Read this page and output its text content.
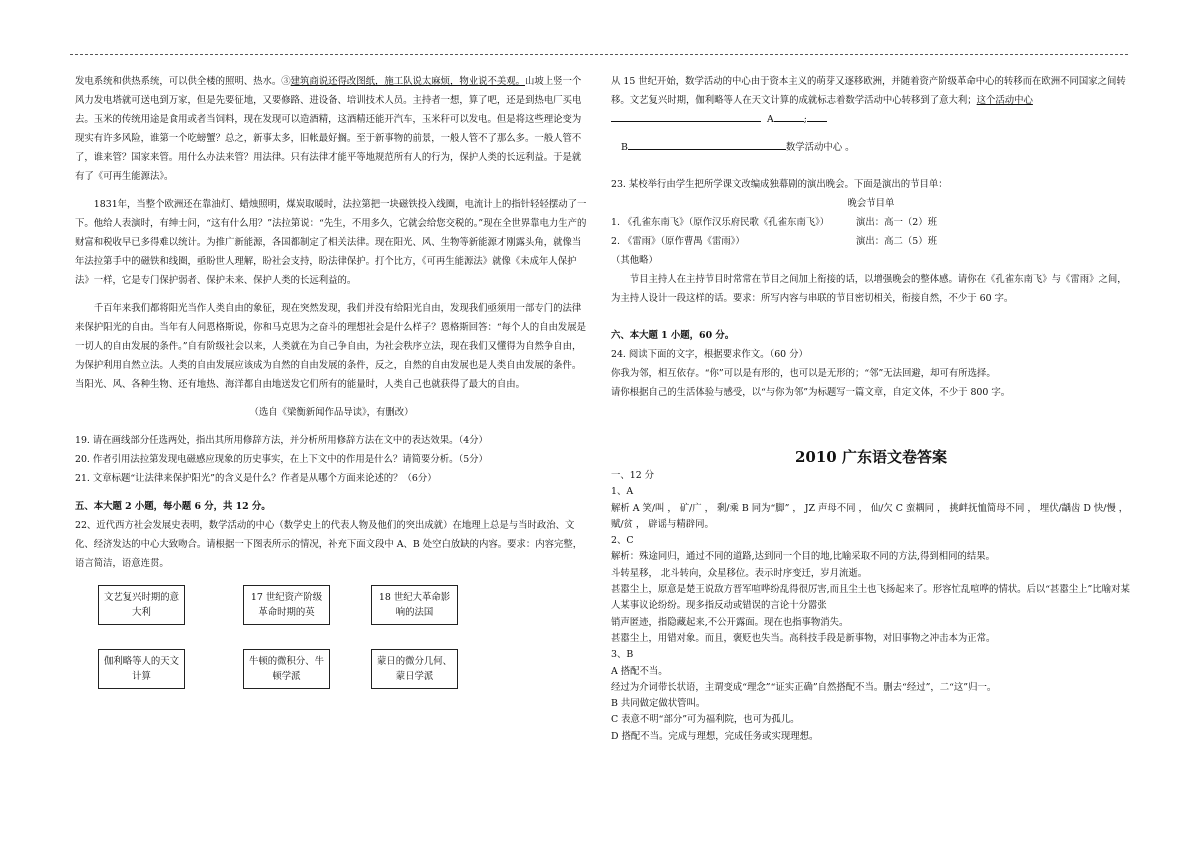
发电系统和供热系统，可以供全楼的照明、热水。③建筑商说还得改图纸，施工队说太麻烦，物业说不美观。山坡上竖一个风力发电塔就可送电到万家，但是先要征地，又要修路、进设备、培训技术人员。主持者一想，算了吧，还是到热电厂买电去。玉米的传统用途是食用或者当饲料，现在发现可以造酒精，这酒精还能开汽车，玉米秆可以发电。但是将这些理论变为现实有许多风险，谁第一个吃螃蟹？总之，新事太多，旧帐最好搁。至于新事物的前景，一般人管不了那么多。一般人管不了，谁来管？国家来管。用什么办法来管？用法律。只有法律才能平等地规范所有人的行为，保护人类的长远利益。于是就有了《可再生能源法》。

1831年，当整个欧洲还在靠油灯、蜡烛照明，煤炭取暖时，法拉第把一块磁铁投入线圈，电流计上的指针轻轻摆动了一下。他给人表演时，有绅士问，“这有什么用？”法拉第说：“先生，不用多久，它就会给您交税的。”现在全世界靠电力生产的财富和税收早已多得难以统计。为推广新能源，各国都制定了相关法律。现在阳光、风、生物等新能源才刚露头角，就像当年法拉第手中的磁铁和线圈，亟盼世人理解，盼社会支持，盼法律保护。打个比方，《可再生能源法》就像《未成年人保护法》一样，它是专门保护弱者、保护未来、保护人类的长远利益的。

千百年来我们都将阳光当作人类自由的象征，现在突然发现，我们并没有给阳光自由，发现我们亟须用一部专门的法律来保护阳光的自由。当年有人问恩格斯说，你和马克思为之奋斗的理想社会是什么样子？恩格斯回答：“每个人的自由发展是一切人的自由发展的条件。”自有阶级社会以来，人类就在为自己争自由，为社会秩序立法，现在我们又懂得为自然争自由，为保护利用自然立法。人类的自由发展应该成为自然的自由发展的条件，反之，自然的自由发展也是人类自由发展的条件。当阳光、风、各种生物、还有地热、海洋都自由地送发它们所有的能量时，人类自己也就获得了最大的自由。

（选自《梁衡新闻作品导读》，有删改）

19. 请在画线部分任选两处，指出其所用修辞方法，并分析所用修辞方法在文中的表达效果。（4分）

20. 作者引用法拉第发现电磁感应现象的历史事实，在上下文中的作用是什么？请简要分析。（5分）

21. 文章标题“让法律来保护阳光”的含义是什么？作者是从哪个方面来论述的？（6分）

五、本大题 2 小题，每小题 6 分，共 12 分。

22、近代西方社会发展史表明，数学活动的中心（数学史上的代表人物及他们的突出成就）在地理上总是与当时政治、文化、经济发达的中心大致吻合。请根据一下图表所示的情况，补充下面文段中 A、B 处空白放缺的内容。要求：内容完整，语言简洁，语意连贯。

文艺复兴时期的意大利
17 世纪资产阶级革命时期的英
18 世纪大革命影响的法国
伽利略等人的天文计算
牛顿的微积分、牛顿学派
蒙日的微分几何、蒙日学派

从 15 世纪开始，数学活动的中心由于资本主义的萌芽又逐移欧洲，并随着资产阶级革命中心的转移而在欧洲不同国家之间转移。文艺复兴时期，伽利略等人在天文计算的成就标志着数学活动中心转移到了意大利；这个活动中心  A	;

B	数学活动中心 。

23. 某校举行由学生把所学课文改编成独幕剧的演出晚会。下面是演出的节目单：

晚会节目单

1. 《孔雀东南飞》（原作汉乐府民歌《孔雀东南飞》）	演出：高一（2）班
2. 《雷雨》（原作曹禺《雷雨》）	演出：高二（5）班

（其他略）

节目主持人在主持节目时常常在节目之间加上衔接的话，以增强晚会的整体感。请你在《孔雀东南飞》与《雷雨》之间，为主持人设计一段这样的话。要求：所写内容与串联的节目密切相关，衔接自然，不少于 60 字。

六、本大题 1 小题，60 分。

24. 阅读下面的文字，根据要求作文。（60 分）

你我为邻，相互依存。“你”可以是有形的，也可以是无形的；“邻”无法回避，却可有所选择。

请你根据自己的生活体验与感受，以“与你为邻”为标题写一篇文章，自定文体，不少于 800 字。

2010 广东语文卷答案

一、12 分

1、A

解析 A 笑/叫 ， 矿/广 ， 剩/乘 B 同为“脚” ， JZ 声母不同 ， 仙/欠 C 蛮耦同 ， 挑衅抚恤简母不同 ， 埋伏/龋齿 D 快/慢 ， 赋/贫 ， 辟谣与精辟同。

2、C

解析：殊途同归，通过不同的道路,达到同一个目的地,比喻采取不同的方法,得到相同的结果。

斗转星移， 北斗转向，众星移位。表示时序变迁，岁月流逝。

甚嚣尘上，原意是楚王说敌方晋军喧哗纷乱得很厉害,而且尘土也飞扬起来了。形容忙乱喧哗的情状。后以“甚嚣尘上”比喻对某人某事议论纷纷。现多指反动或错误的言论十分嚣张

销声匿迹，指隐藏起来,不公开露面。现在也指事物消失。

甚嚣尘上，用错对象。而且，褒贬也失当。高科技手段是新事物，对旧事物之冲击本为正常。

3、B

A 搭配不当。

经过为介词带长状语，主谓变成“理念”“证实正确”自然搭配不当。删去“经过”，二“这”归一。

B 共同做定做状管叫。

C 表意不明“部分”可为福利院，也可为孤儿。

D 搭配不当。完成与理想，完成任务或实现理想。
